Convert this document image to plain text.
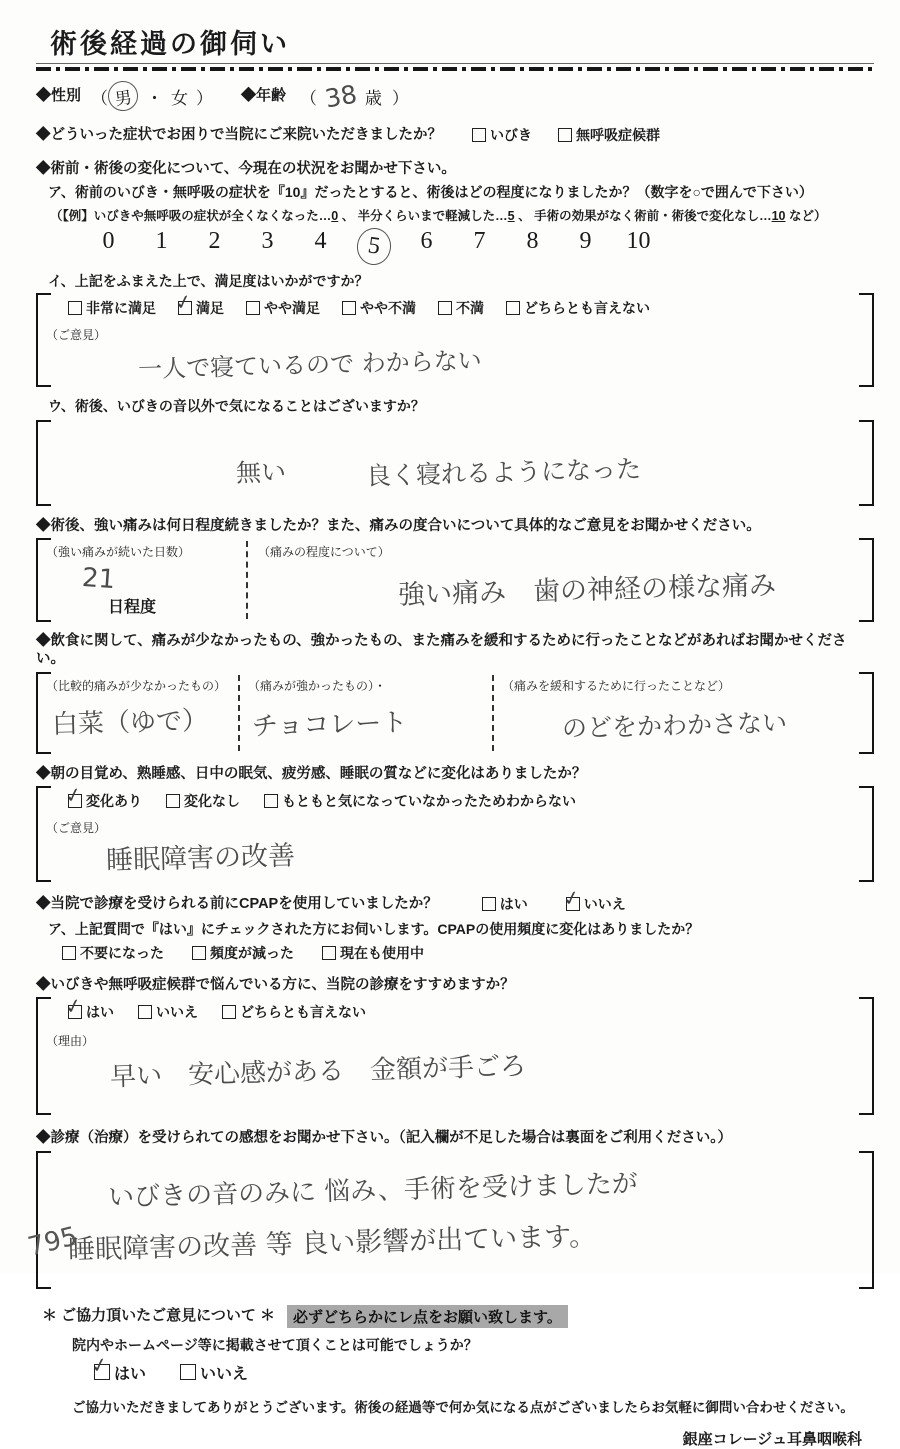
術後経過の御伺い
◆性別 （ 男 ・ 女 ） ◆年齢 （ 38 歳 ）
◆どういった症状でお困りで当院にご来院いただきましたか？	いびき	無呼吸症候群
◆術前・術後の変化について、今現在の状況をお聞かせ下さい。
ア、術前のいびき・無呼吸の症状を『10』だったとすると、術後はどの程度になりましたか？（数字を○で囲んで下さい）
（【例】いびきや無呼吸の症状が全くなくなった…0 、 半分くらいまで軽減した…5 、 手術の効果がなく術前・術後で変化なし…10 など）
0	1	2	3	4	5	6	7	8	9	10
イ、上記をふまえた上で、満足度はいかがですか？
非常に満足 ✓	満足	やや満足	やや不満	不満	どちらとも言えない
（ご意見）
一人で寝ているので わからない
ウ、術後、いびきの音以外で気になることはございますか？
無い	良く寝れるようになった
◆術後、強い痛みは何日程度続きましたか？また、痛みの度合いについて具体的なご意見をお聞かせください。
（強い痛みが続いた日数）
21
日程度
（痛みの程度について）
強い痛み　歯の神経の様な痛み
◆飲食に関して、痛みが少なかったもの、強かったもの、また痛みを緩和するために行ったことなどがあればお聞かせください。
（比較的痛みが少なかったもの）
白菜（ゆで）
（痛みが強かったもの）・
チョコレート
（痛みを緩和するために行ったことなど）
のどをかわかさない
◆朝の目覚め、熟睡感、日中の眠気、疲労感、睡眠の質などに変化はありましたか？
✓
変化あり	変化なし	もともと気になっていなかったためわからない
（ご意見）
睡眠障害の改善
◆当院で診療を受けられる前にCPAPを使用していましたか？	はい ✓	いいえ
ア、上記質問で『はい』にチェックされた方にお伺いします。CPAPの使用頻度に変化はありましたか？
不要になった	頻度が減った	現在も使用中
◆いびきや無呼吸症候群で悩んでいる方に、当院の診療をすすめますか？
✓
はい	いいえ	どちらとも言えない
（理由）
早い　安心感がある　金額が手ごろ
◆診療（治療）を受けられての感想をお聞かせ下さい。（記入欄が不足した場合は裏面をご利用ください。）
いびきの音のみに 悩み、手術を受けましたが 睡眠障害の改善 等 良い影響が出ています。
＊ ご協力頂いたご意見について ＊	必ずどちらかにレ点をお願い致します。
院内やホームページ等に掲載させて頂くことは可能でしょうか？
✓
はい	いいえ
ご協力いただきましてありがとうございます。術後の経過等で何か気になる点がございましたらお気軽に御問い合わせください。
銀座コレージュ耳鼻咽喉科
795
